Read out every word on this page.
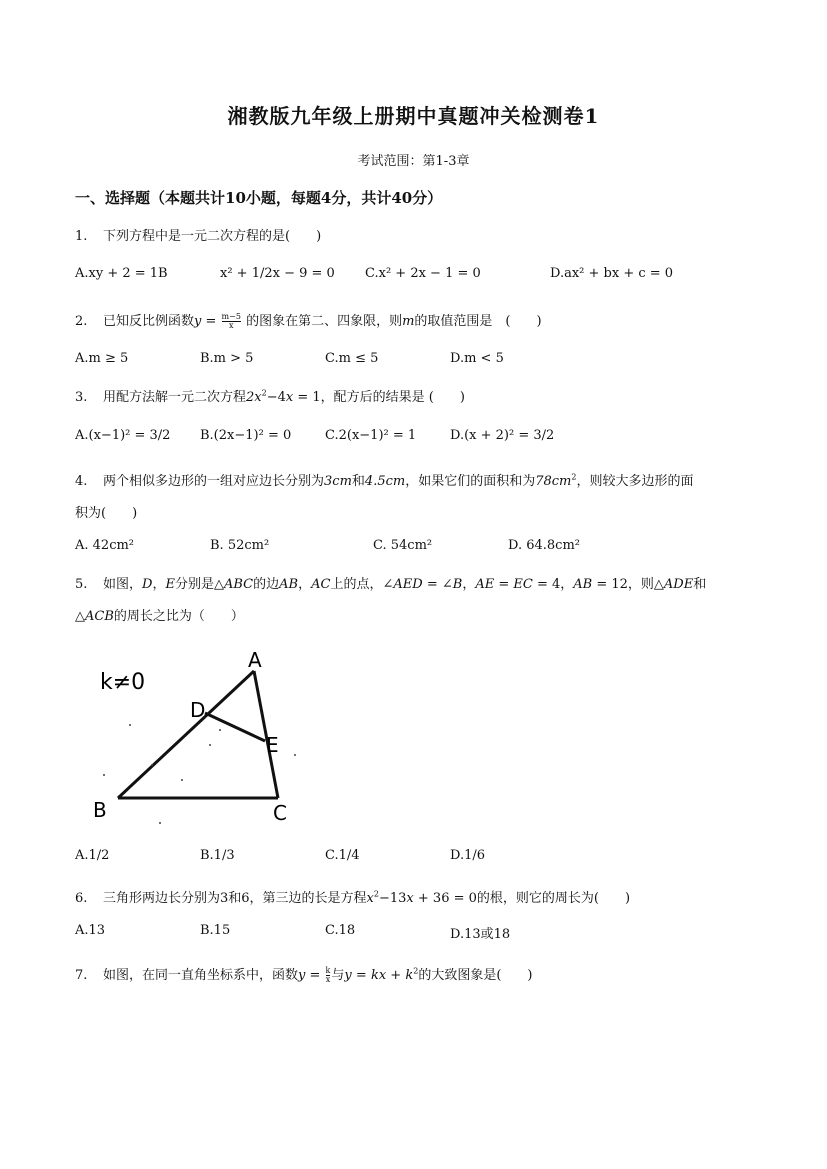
湘教版九年级上册期中真题冲关检测卷1
考试范围：第1-3章
一、选择题（本题共计10小题，每题4分，共计40分）
1. 下列方程中是一元二次方程的是(　　)
A.xy + 2 = 1B	x² + 1/2x − 9 = 0 C.x² + 2x − 1 = 0	D.ax² + bx + c = 0
2. 已知反比例函数$y = \frac{m-5}{x}$ 的图象在第二、四象限，则m的取值范围是　(　　)
A.m ≥ 5	B.m > 5	C.m ≤ 5	D.m < 5
3. 用配方法解一元二次方程$2x^2-4x = 1$，配方后的结果是 (　　)
A.(x−1)² = 3/2 B.(2x−1)² = 0	C.2(x−1)² = 1	D.(x + 2)² = 3/2
4. 两个相似多边形的一组对应边长分别为3cm和4.5cm，如果它们的面积和为$78cm^2$，则较大多边形的面
积为(　　)
A. 42cm²	B. 52cm²	C. 54cm²	D. 64.8cm²
5. 如图，D，E分别是△ABC的边AB，AC上的点，∠AED = ∠B，AE = EC = 4，AB = 12，则△ADE和
△ACB的周长之比为（　　）
k≠0
A
B	C
D
E
A.1/2	B.1/3	C.1/4	D.1/6
6. 三角形两边长分别为3和6，第三边的长是方程$x^2-13x + 36 = 0$的根，则它的周长为(　　)
A.13	B.15	C.18	D.13或18
7. 如图，在同一直角坐标系中，函数$y = \frac{k}{x}$ 与y = kx + $k^2$的大致图象是(　　)
